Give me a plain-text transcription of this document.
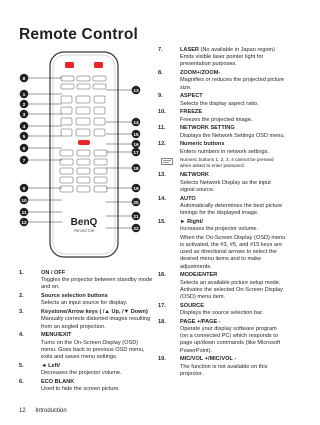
Remote Control
BenQ
PROJECTOR
8
1
2
3
4
5
6
7
9
10
11
12
13
14
15
16
17
18
19
20
21
22
1.	ON / OFF
Toggles the projector between standby mode and on.
2.	Source selection buttons
Selects an input source for display.
3.	Keystone/Arrow keys ( /▲ Up, /▼ Down)
Manually corrects distorted images resulting from an angled projection.
4.	MENU/EXIT
Turns on the On-Screen Display (OSD) menu. Goes back to previous OSD menu, exits and saves menu settings.
5.	◄ Left/
Decreases the projector volume.
6.	ECO BLANK
Used to hide the screen picture.
7.	LASER (No available in Japan region)
Emits visible laser pointer light for presentation purposes.
8.	ZOOM+/ZOOM-
Magnifies or reduces the projected picture size.
9.	ASPECT
Selects the display aspect ratio.
10.	FREEZE
Freezes the projected image.
11.	NETWORK SETTING
Displays the Network Settings OSD menu.
12.	Numeric buttons
Enters numbers in network settings.
Numeric buttons 1, 2, 3, 4 cannot be pressed when asked to enter password.
13.	NETWORK
Selects Network Display as the input signal source.
14.	AUTO
Automatically determines the best picture timings for the displayed image.
15.	► Right/
Increases the projector volume.
When the On-Screen Display (OSD) menu is activated, the #3, #5, and #15 keys are used as directional arrows to select the desired menu items and to make adjustments.
16.	MODE/ENTER
Selects an available picture setup mode. Activates the selected On-Screen Display (OSD) menu item.
17.	SOURCE
Displays the source selection bar.
18.	PAGE +/PAGE -
Operate your display software program (on a connected PC) which responds to page up/down commands (like Microsoft PowerPoint).
19.	MIC/VOL +/MIC/VOL -
The function is not available on this projector.
12 Introduction
